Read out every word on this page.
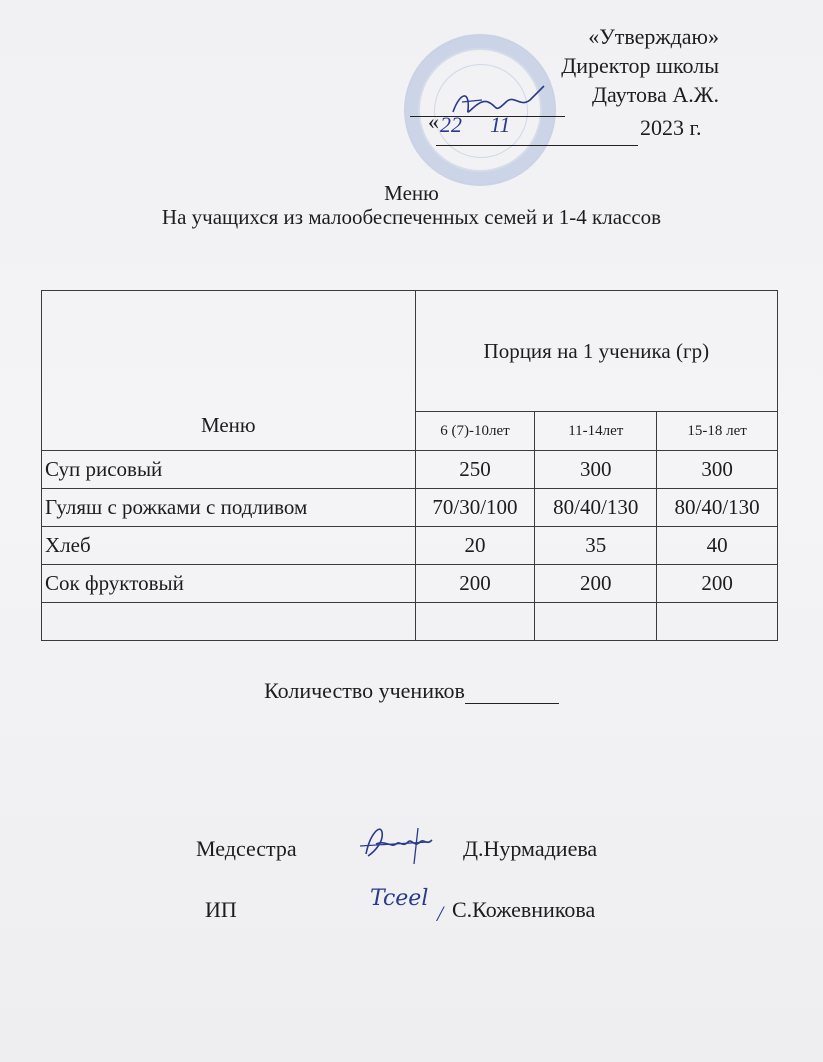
«Утверждаю»
Директор школы
Даутова А.Ж.
« 22 11	2023 г.
Меню
На учащихся из малообеспеченных семей и 1-4 классов
Меню	Порция на 1 ученика (гр)		
	6 (7)-10лет	11-14лет	15-18 лет
Суп рисовый	250	300	300
Гуляш с рожками с подливом	70/30/100	80/40/130	80/40/130
Хлеб	20	35	40
Сок фруктовый	200	200	200

Количество учеников
Медсестра	Д.Нурмадиева
ИП	Tceel
/ С.Кожевникова
